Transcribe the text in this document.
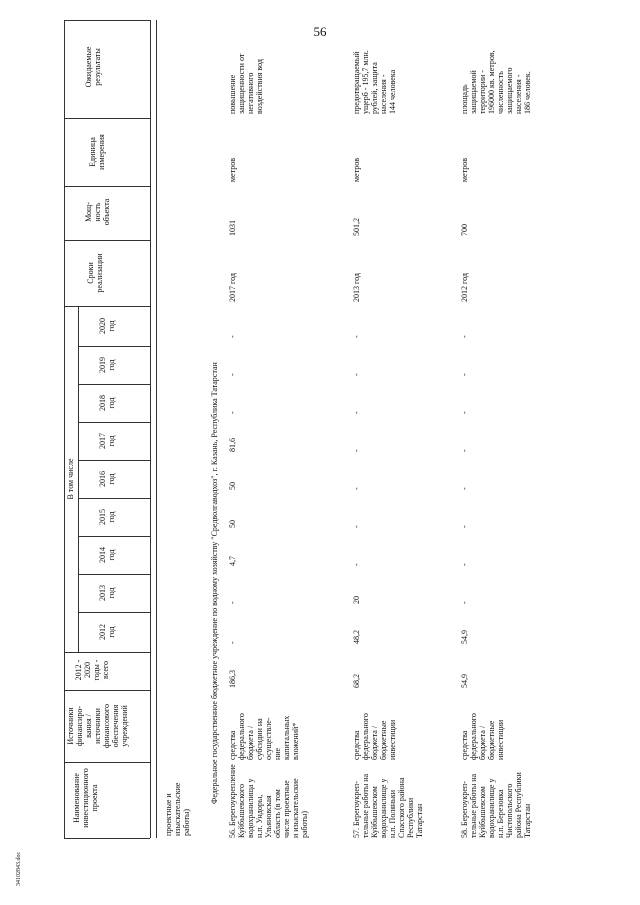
56
Наименование
инвестиционного
проекта
Источники
финансиро-
вания /
источники
финансового
обеспечения
учреждений
2012 -
2020
годы -
всего
В том числе
2012
год
2013
год
2014
год
2015
год
2016
год
2017
год
2018
год
2019
год
2020
год
Сроки
реализации
Мощ-
ность
объекта
Единица
измерения
Ожидаемые
результаты
проектные и
изыскательские
работы)
Федеральное государственное бюджетное учреждение по водному хозяйству "Средволгаводхоз", г. Казань, Республика Татарстан
56. Берегоукрепление
Куйбышевского
водохранилища у
н.п. Ундоры,
Ульяновская
область (в том
числе проектные
и изыскательские
работы)
средства
федерального
бюджета /
субсидии на
осуществле-
ние
капитальных
вложений*
186,3
-
-
4,7
50
50
81,6
-
-
-
2017 год
1031
метров
повышение
защищенности от
негативного
воздействия вод
57. Берегоукреп-
тельные работы на
Куйбышевском
водохранилище у
н.п. Поляньки
Спасского района
Республики
Татарстан
средства
федерального
бюджета /
бюджетные
инвестиции
68,2
48,2
20
-
-
-
-
-
-
-
2013 год
501,2
метров
предотвращаемый
ущерб - 195,7 млн.
рублей, защита
населения -
144 человека
58. Берегоукреп-
тельные работы на
Куйбышевском
водохранилище у
н.п. Березовка
Чистопольского
района Республики
Татарстан
средства
федерального
бюджета /
бюджетные
инвестиции
54,9
54,9
-
-
-
-
-
-
-
-
2012 год
700
метров
площадь
защищаемой
территории -
196000 кв. метров,
численность
защищаемого
населения -
186 человек.
34102843.doc
